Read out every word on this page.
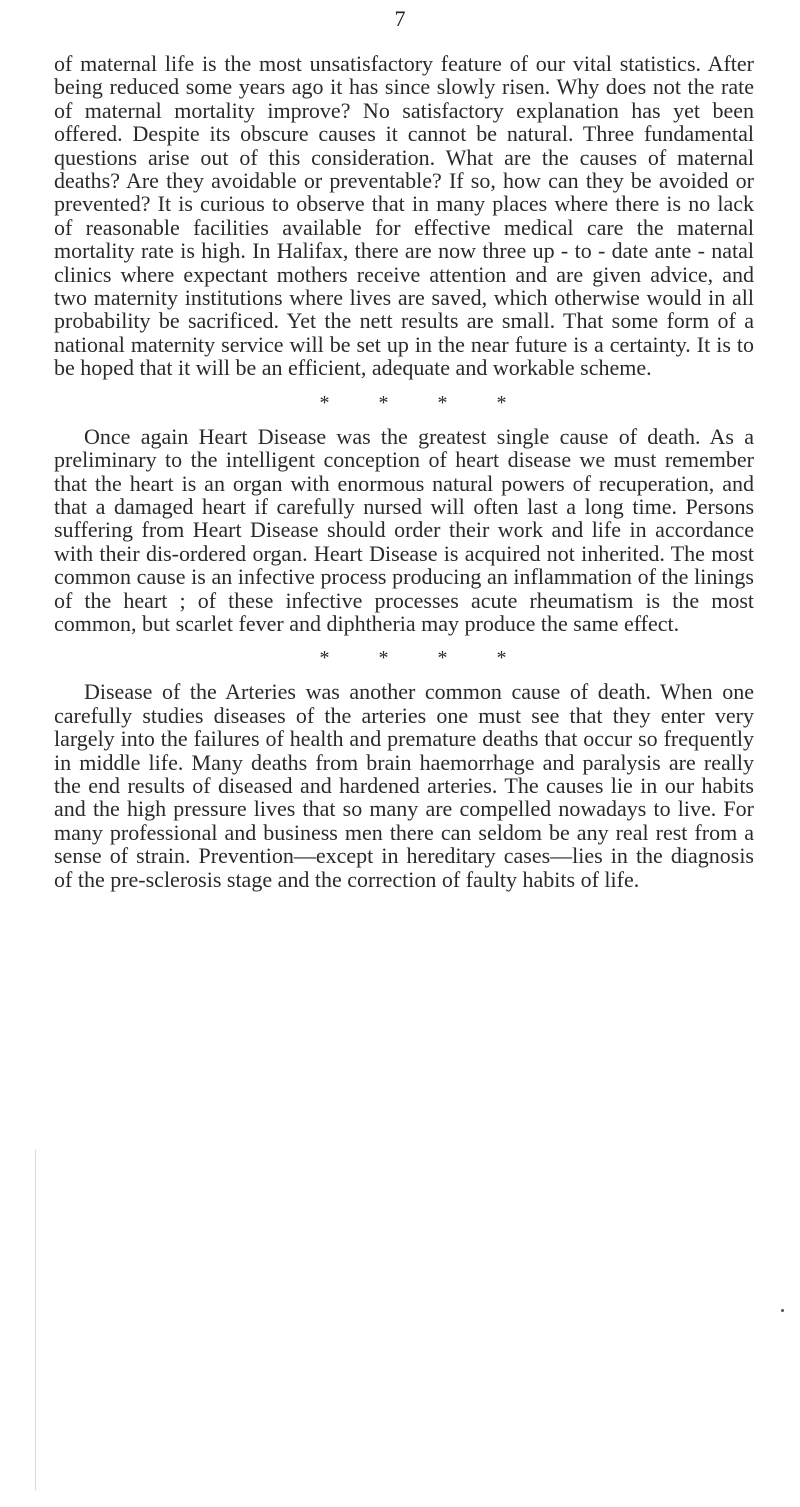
7

of maternal life is the most unsatisfactory feature of our vital statistics. After being reduced some years ago it has since slowly risen. Why does not the rate of maternal mortality improve? No satisfactory explanation has yet been offered. Despite its obscure causes it cannot be natural. Three fundamental questions arise out of this consideration. What are the causes of maternal deaths? Are they avoidable or preventable? If so, how can they be avoided or prevented? It is curious to observe that in many places where there is no lack of reasonable facilities available for effective medical care the maternal mortality rate is high. In Halifax, there are now three up - to - date ante - natal clinics where expectant mothers receive attention and are given advice, and two maternity institutions where lives are saved, which otherwise would in all probability be sacrificed. Yet the nett results are small. That some form of a national maternity service will be set up in the near future is a certainty. It is to be hoped that it will be an efficient, adequate and workable scheme.

* * * *

Once again Heart Disease was the greatest single cause of death. As a preliminary to the intelligent conception of heart disease we must remember that the heart is an organ with enormous natural powers of recuperation, and that a damaged heart if carefully nursed will often last a long time. Persons suffering from Heart Disease should order their work and life in accordance with their dis-ordered organ. Heart Disease is acquired not inherited. The most common cause is an infective process producing an inflammation of the linings of the heart ; of these infective processes acute rheumatism is the most common, but scarlet fever and diphtheria may produce the same effect.

* * * *

Disease of the Arteries was another common cause of death. When one carefully studies diseases of the arteries one must see that they enter very largely into the failures of health and premature deaths that occur so frequently in middle life. Many deaths from brain haemorrhage and paralysis are really the end results of diseased and hardened arteries. The causes lie in our habits and the high pressure lives that so many are compelled nowadays to live. For many professional and business men there can seldom be any real rest from a sense of strain. Prevention—except in hereditary cases—lies in the diagnosis of the pre-sclerosis stage and the correction of faulty habits of life.
